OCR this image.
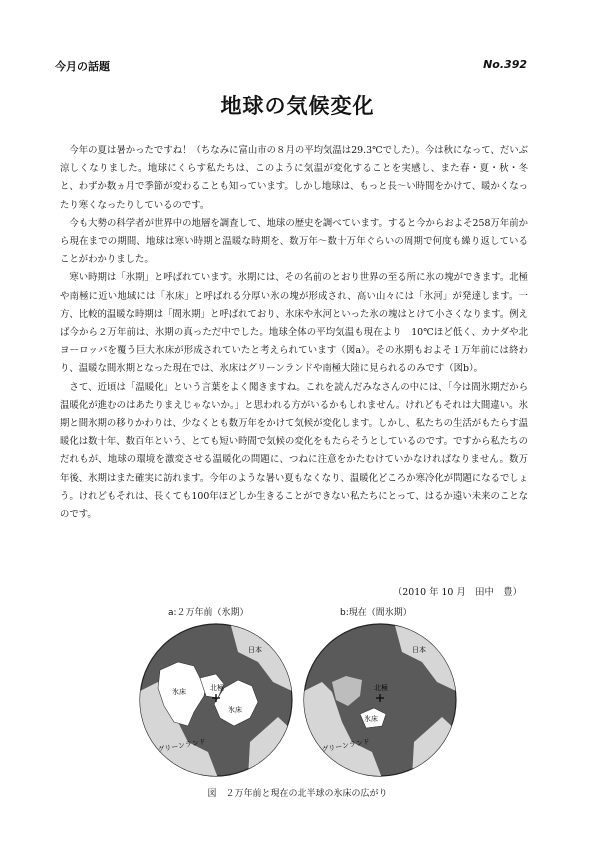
今月の話題	No.392
地球の気候変化

今年の夏は暑かったですね！（ちなみに富山市の８月の平均気温は29.3℃でした）。今は秋になって、だいぶ涼しくなりました。地球にくらす私たちは、このように気温が変化することを実感し、また春・夏・秋・冬と、わずか数ヵ月で季節が変わることも知っています。しかし地球は、もっと長～い時間をかけて、暖かくなったり寒くなったりしているのです。

今も大勢の科学者が世界中の地層を調査して、地球の歴史を調べています。すると今からおよそ258万年前から現在までの期間、地球は寒い時期と温暖な時期を、数万年～数十万年ぐらいの周期で何度も繰り返していることがわかりました。

寒い時期は「氷期」と呼ばれています。氷期には、その名前のとおり世界の至る所に氷の塊ができます。北極や南極に近い地域には「氷床」と呼ばれる分厚い氷の塊が形成され、高い山々には「氷河」が発達します。一方、比較的温暖な時期は「間氷期」と呼ばれており、氷床や氷河といった氷の塊はとけて小さくなります。例えば今から２万年前は、氷期の真っただ中でした。地球全体の平均気温も現在より　10℃ほど低く、カナダや北ヨーロッパを覆う巨大氷床が形成されていたと考えられています（図a）。その氷期もおよそ１万年前には終わり、温暖な間氷期となった現在では、氷床はグリーンランドや南極大陸に見られるのみです（図b）。

さて、近頃は「温暖化」という言葉をよく聞きますね。これを読んだみなさんの中には、「今は間氷期だから温暖化が進むのはあたりまえじゃないか。」と思われる方がいるかもしれません。けれどもそれは大間違い。氷期と間氷期の移りかわりは、少なくとも数万年をかけて気候が変化します。しかし、私たちの生活がもたらす温暖化は数十年、数百年という、とても短い時間で気候の変化をもたらそうとしているのです。ですから私たちのだれもが、地球の環境を激変させる温暖化の問題に、つねに注意をかたむけていかなければなりません。数万年後、氷期はまた確実に訪れます。今年のような暑い夏もなくなり、温暖化どころか寒冷化が問題になるでしょう。けれどもそれは、長くても100年ほどしか生きることができない私たちにとって、はるか遠い未来のことなのです。

（2010 年 10 月　田中　豊）
a:２万年前（氷期）	b:現在（間氷期）
北極
氷床
氷床
日本
グリーンランド
北極
氷床
日本
グリーンランド
図　２万年前と現在の北半球の氷床の広がり
